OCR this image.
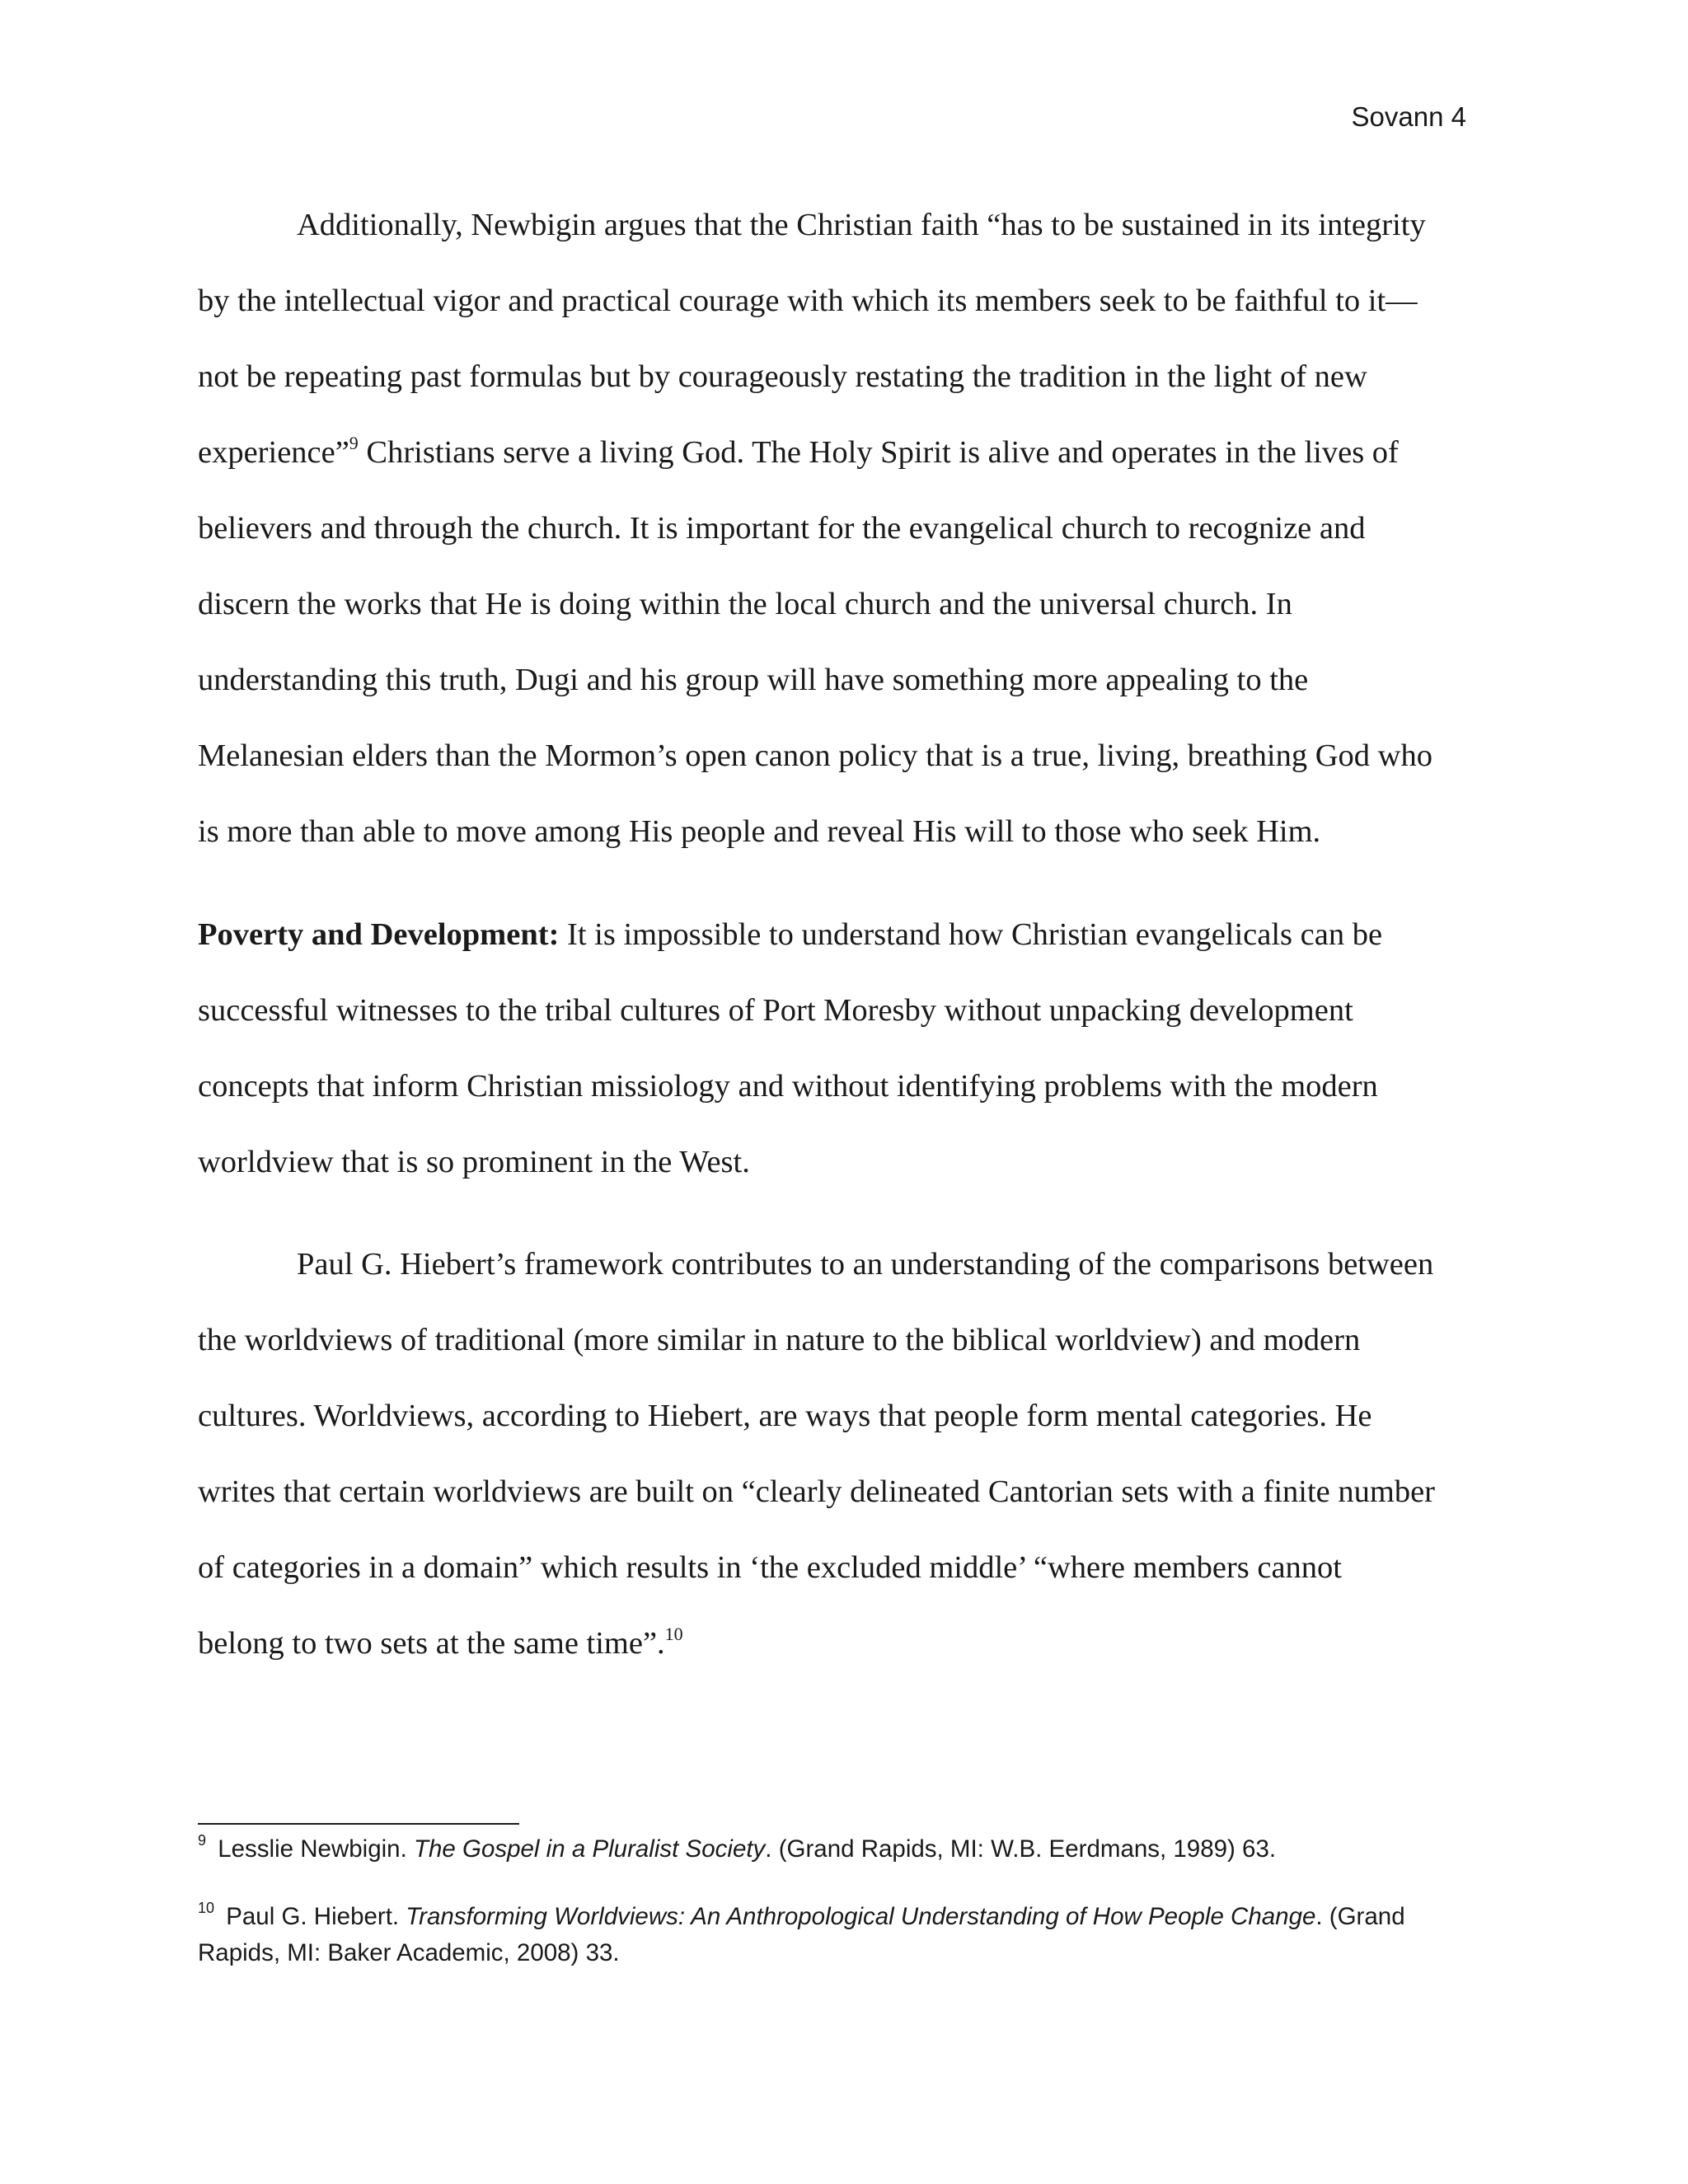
Sovann 4
Additionally, Newbigin argues that the Christian faith “has to be sustained in its integrity
by the intellectual vigor and practical courage with which its members seek to be faithful to it—
not be repeating past formulas but by courageously restating the tradition in the light of new
experience”$^9$ Christians serve a living God. The Holy Spirit is alive and operates in the lives of
believers and through the church. It is important for the evangelical church to recognize and
discern the works that He is doing within the local church and the universal church. In
understanding this truth, Dugi and his group will have something more appealing to the
Melanesian elders than the Mormon’s open canon policy that is a true, living, breathing God who
is more than able to move among His people and reveal His will to those who seek Him.
Poverty and Development: It is impossible to understand how Christian evangelicals can be
successful witnesses to the tribal cultures of Port Moresby without unpacking development
concepts that inform Christian missiology and without identifying problems with the modern
worldview that is so prominent in the West.
Paul G. Hiebert’s framework contributes to an understanding of the comparisons between
the worldviews of traditional (more similar in nature to the biblical worldview) and modern
cultures. Worldviews, according to Hiebert, are ways that people form mental categories. He
writes that certain worldviews are built on “clearly delineated Cantorian sets with a finite number
of categories in a domain” which results in ‘the excluded middle’ “where members cannot
belong to two sets at the same time”.$^{10}$
$^9$ Lesslie Newbigin. The Gospel in a Pluralist Society. (Grand Rapids, MI: W.B. Eerdmans, 1989) 63.
$^{10}$ Paul G. Hiebert. Transforming Worldviews: An Anthropological Understanding of How People Change. (Grand
Rapids, MI: Baker Academic, 2008) 33.
